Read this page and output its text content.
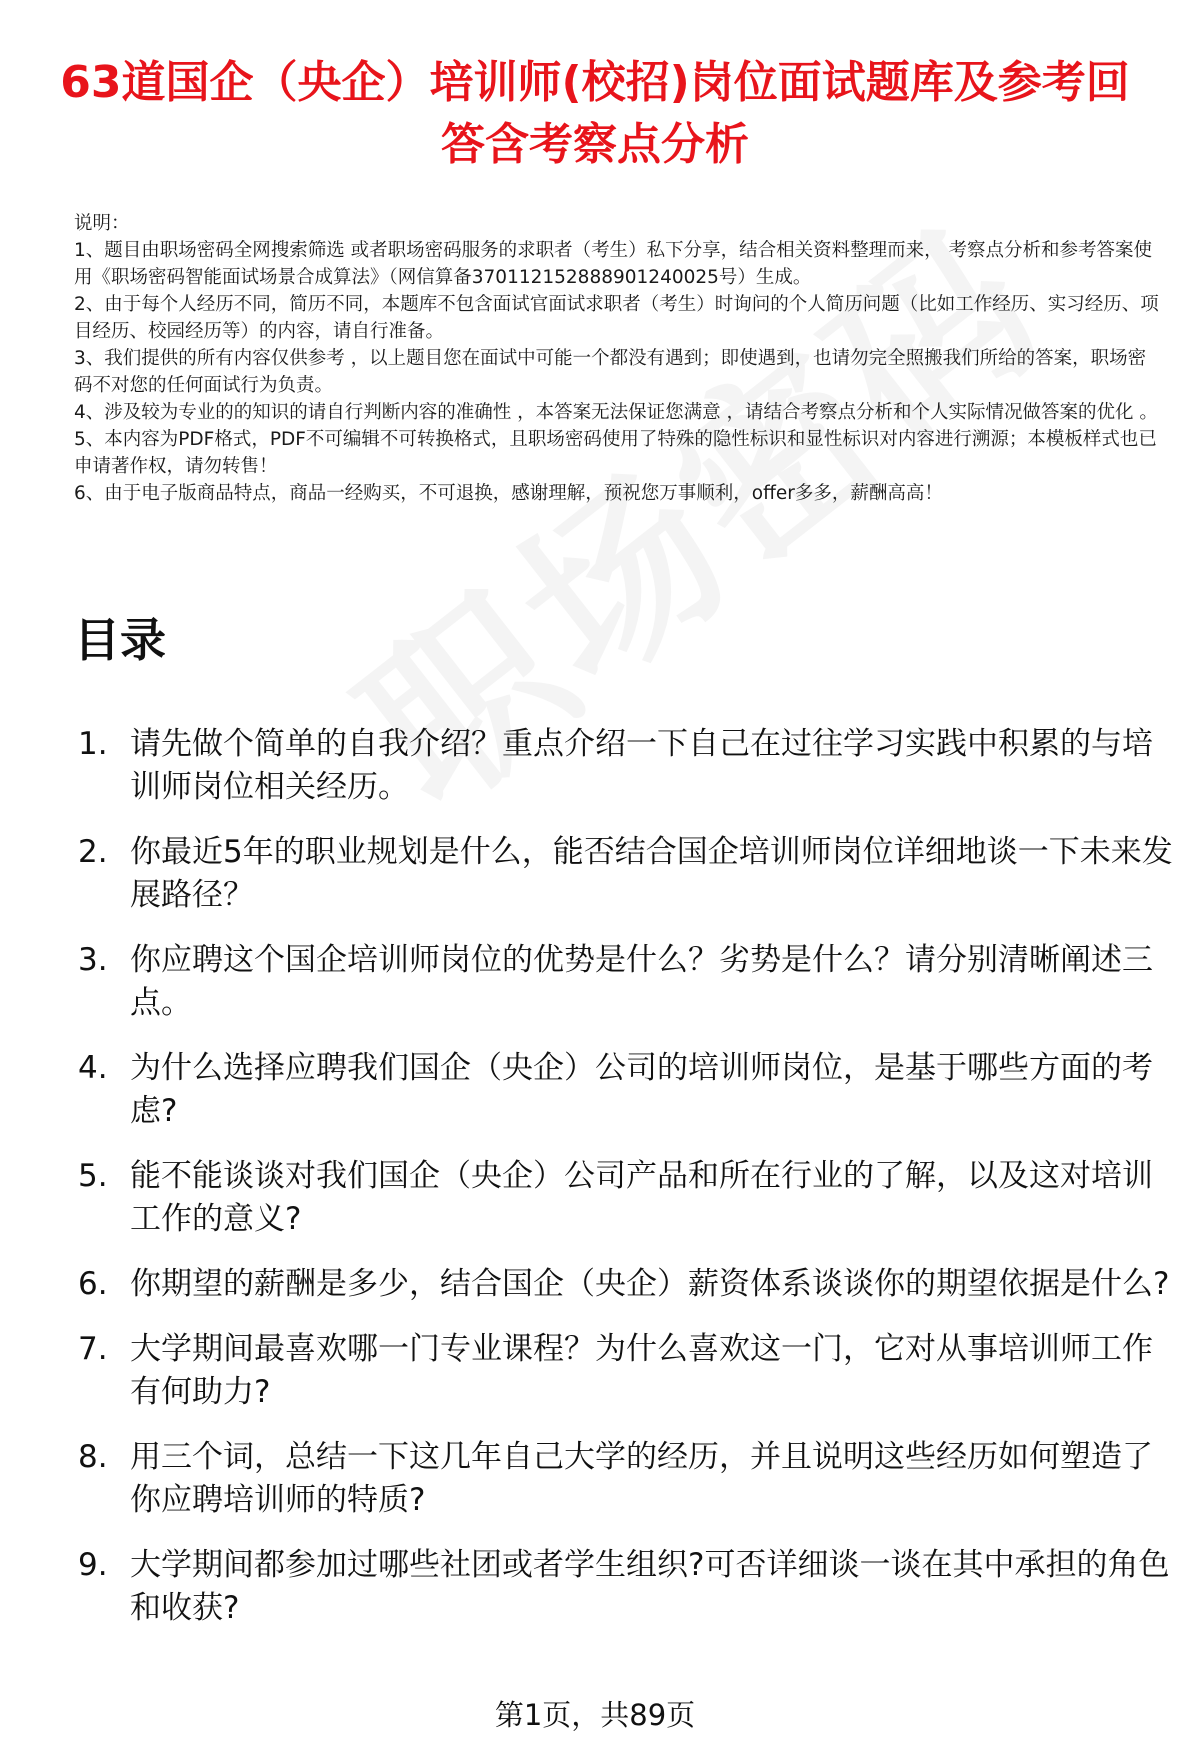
63道国企（央企）培训师(校招)岗位面试题库及参考回答含考察点分析

说明：

1、题目由职场密码全网搜索筛选 或者职场密码服务的求职者（考生）私下分享，结合相关资料整理而来， 考察点分析和参考答案使用《职场密码智能面试场景合成算法》（网信算备370112152888901240025号）生成。

2、由于每个人经历不同，简历不同，本题库不包含面试官面试求职者（考生）时询问的个人简历问题（比如工作经历、实习经历、项目经历、校园经历等）的内容，请自行准备。

3、我们提供的所有内容仅供参考 ，以上题目您在面试中可能一个都没有遇到；即使遇到，也请勿完全照搬我们所给的答案，职场密码不对您的任何面试行为负责。

4、涉及较为专业的的知识的请自行判断内容的准确性 ，本答案无法保证您满意 ，请结合考察点分析和个人实际情况做答案的优化 。

5、本内容为PDF格式，PDF不可编辑不可转换格式，且职场密码使用了特殊的隐性标识和显性标识对内容进行溯源；本模板样式也已申请著作权，请勿转售！

6、由于电子版商品特点，商品一经购买，不可退换，感谢理解，预祝您万事顺利，offer多多，薪酬高高！

目录
1. 请先做个简单的自我介绍？重点介绍一下自己在过往学习实践中积累的与培训师岗位相关经历。
2. 你最近5年的职业规划是什么，能否结合国企培训师岗位详细地谈一下未来发展路径？
3. 你应聘这个国企培训师岗位的优势是什么？劣势是什么？请分别清晰阐述三点。
4. 为什么选择应聘我们国企（央企）公司的培训师岗位，是基于哪些方面的考虑?
5. 能不能谈谈对我们国企（央企）公司产品和所在行业的了解，以及这对培训工作的意义?
6. 你期望的薪酬是多少，结合国企（央企）薪资体系谈谈你的期望依据是什么?
7. 大学期间最喜欢哪一门专业课程？为什么喜欢这一门，它对从事培训师工作有何助力?
8. 用三个词，总结一下这几年自己大学的经历，并且说明这些经历如何塑造了你应聘培训师的特质?
9. 大学期间都参加过哪些社团或者学生组织?可否详细谈一谈在其中承担的角色和收获?
第1页，共89页
